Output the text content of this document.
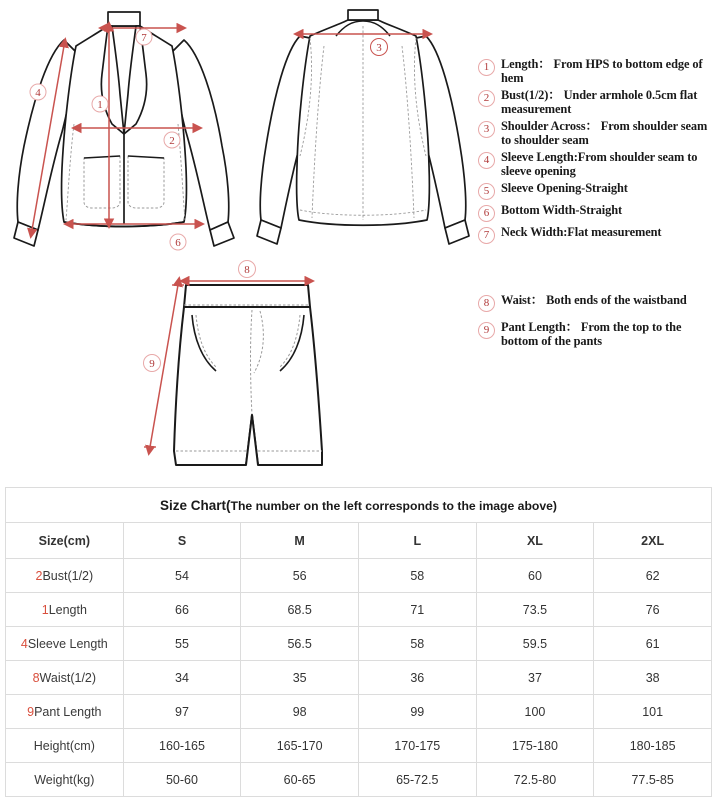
7
1
2
4
6
3
8
9
1 Length： From HPS to bottom edge of hem
2 Bust(1/2)： Under armhole 0.5cm flat measurement
3 Shoulder Across： From shoulder seam to shoulder seam
4 Sleeve Length:From shoulder seam to sleeve opening
5 Sleeve Opening-Straight
6 Bottom Width-Straight
7 Neck Width:Flat measurement
8 Waist： Both ends of the waistband
9 Pant Length： From the top to the bottom of the pants
Size Chart(The number on the left corresponds to the image above)					
Size(cm)	S	M	L	XL	2XL
2Bust(1/2)	54	56	58	60	62
1Length	66	68.5	71	73.5	76
4Sleeve Length	55	56.5	58	59.5	61
8Waist(1/2)	34	35	36	37	38
9Pant Length	97	98	99	100	101
Height(cm)	160-165	165-170	170-175	175-180	180-185
Weight(kg)	50-60	60-65	65-72.5	72.5-80	77.5-85
